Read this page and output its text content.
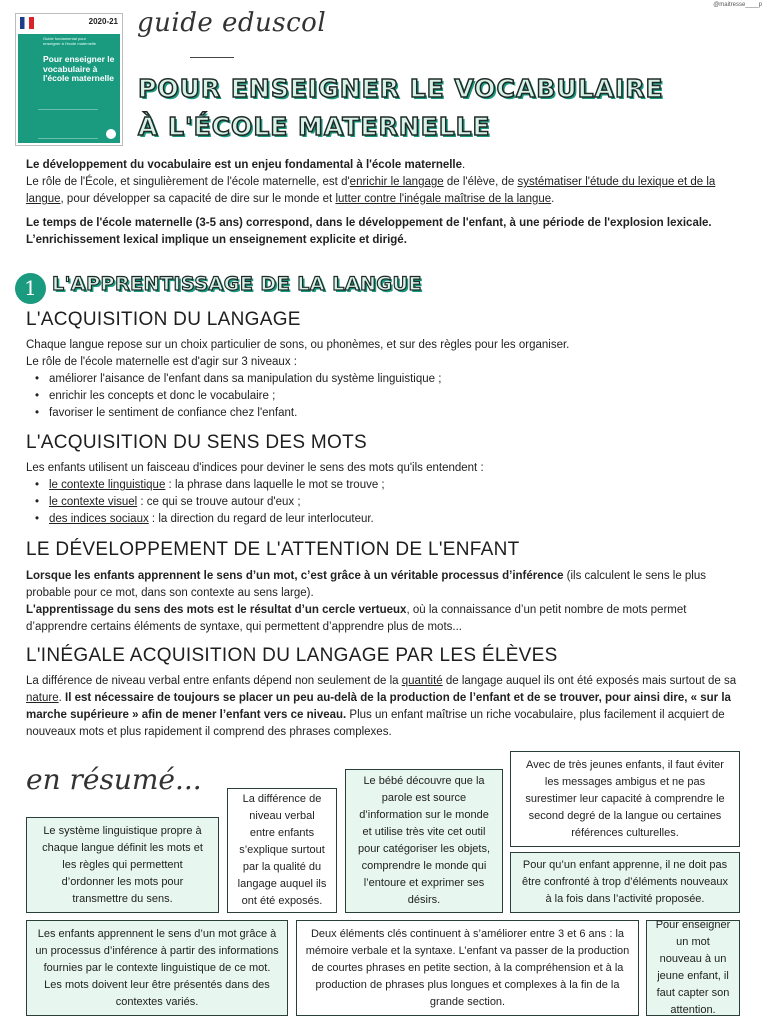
@maitresse____p
2020-21
Guide fondamental pour enseigner à l'école maternelle
Pour enseigner le vocabulaire à l'école maternelle
guide eduscol
POUR ENSEIGNER LE VOCABULAIRE
À L'ÉCOLE MATERNELLE

Le développement du vocabulaire est un enjeu fondamental à l'école maternelle.

Le rôle de l'École, et singulièrement de l'école maternelle, est d'enrichir le langage de l'élève, de systématiser l'étude du lexique et de la langue, pour développer sa capacité de dire sur le monde et lutter contre l'inégale maîtrise de la langue.

Le temps de l'école maternelle (3-5 ans) correspond, dans le développement de l'enfant, à une période de l'explosion lexicale. L’enrichissement lexical implique un enseignement explicite et dirigé.

1 L'APPRENTISSAGE DE LA LANGUE
L'ACQUISITION DU LANGAGE

Chaque langue repose sur un choix particulier de sons, ou phonèmes, et sur des règles pour les organiser.

Le rôle de l'école maternelle est d'agir sur 3 niveaux :

• améliorer l'aisance de l'enfant dans sa manipulation du système linguistique ;
• enrichir les concepts et donc le vocabulaire ;
• favoriser le sentiment de confiance chez l'enfant.
L'ACQUISITION DU SENS DES MOTS

Les enfants utilisent un faisceau d'indices pour deviner le sens des mots qu'ils entendent :

• le contexte linguistique : la phrase dans laquelle le mot se trouve ;
• le contexte visuel : ce qui se trouve autour d'eux ;
• des indices sociaux : la direction du regard de leur interlocuteur.
LE DÉVELOPPEMENT DE L'ATTENTION DE L'ENFANT

Lorsque les enfants apprennent le sens d’un mot, c’est grâce à un véritable processus d’inférence (ils calculent le sens le plus probable pour ce mot, dans son contexte au sens large).

L'apprentissage du sens des mots est le résultat d’un cercle vertueux, où la connaissance d’un petit nombre de mots permet d’apprendre certains éléments de syntaxe, qui permettent d’apprendre plus de mots...

L'INÉGALE ACQUISITION DU LANGAGE PAR LES ÉLÈVES

La différence de niveau verbal entre enfants dépend non seulement de la quantité de langage auquel ils ont été exposés mais surtout de sa nature. Il est nécessaire de toujours se placer un peu au-delà de la production de l’enfant et de se trouver, pour ainsi dire, « sur la marche supérieure » afin de mener l’enfant vers ce niveau. Plus un enfant maîtrise un riche vocabulaire, plus facilement il acquiert de nouveaux mots et plus rapidement il comprend des phrases complexes.

en résumé...
Le système linguistique propre à chaque langue définit les mots et les règles qui permettent d’ordonner les mots pour transmettre du sens.
La différence de niveau verbal entre enfants s’explique surtout par la qualité du langage auquel ils ont été exposés.
Le bébé découvre que la parole est source d’information sur le monde et utilise très vite cet outil pour catégoriser les objets, comprendre le monde qui l’entoure et exprimer ses désirs.
Avec de très jeunes enfants, il faut éviter les messages ambigus et ne pas surestimer leur capacité à comprendre le second degré de la langue ou certaines références culturelles.
Pour qu’un enfant apprenne, il ne doit pas être confronté à trop d’éléments nouveaux à la fois dans l’activité proposée.
Les enfants apprennent le sens d’un mot grâce à un processus d’inférence à partir des informations fournies par le contexte linguistique de ce mot. Les mots doivent leur être présentés dans des contextes variés.
Deux éléments clés continuent à s’améliorer entre 3 et 6 ans : la mémoire verbale et la syntaxe. L’enfant va passer de la production de courtes phrases en petite section, à la compréhension et à la production de phrases plus longues et complexes à la fin de la grande section.
Pour enseigner un mot nouveau à un jeune enfant, il faut capter son attention.
